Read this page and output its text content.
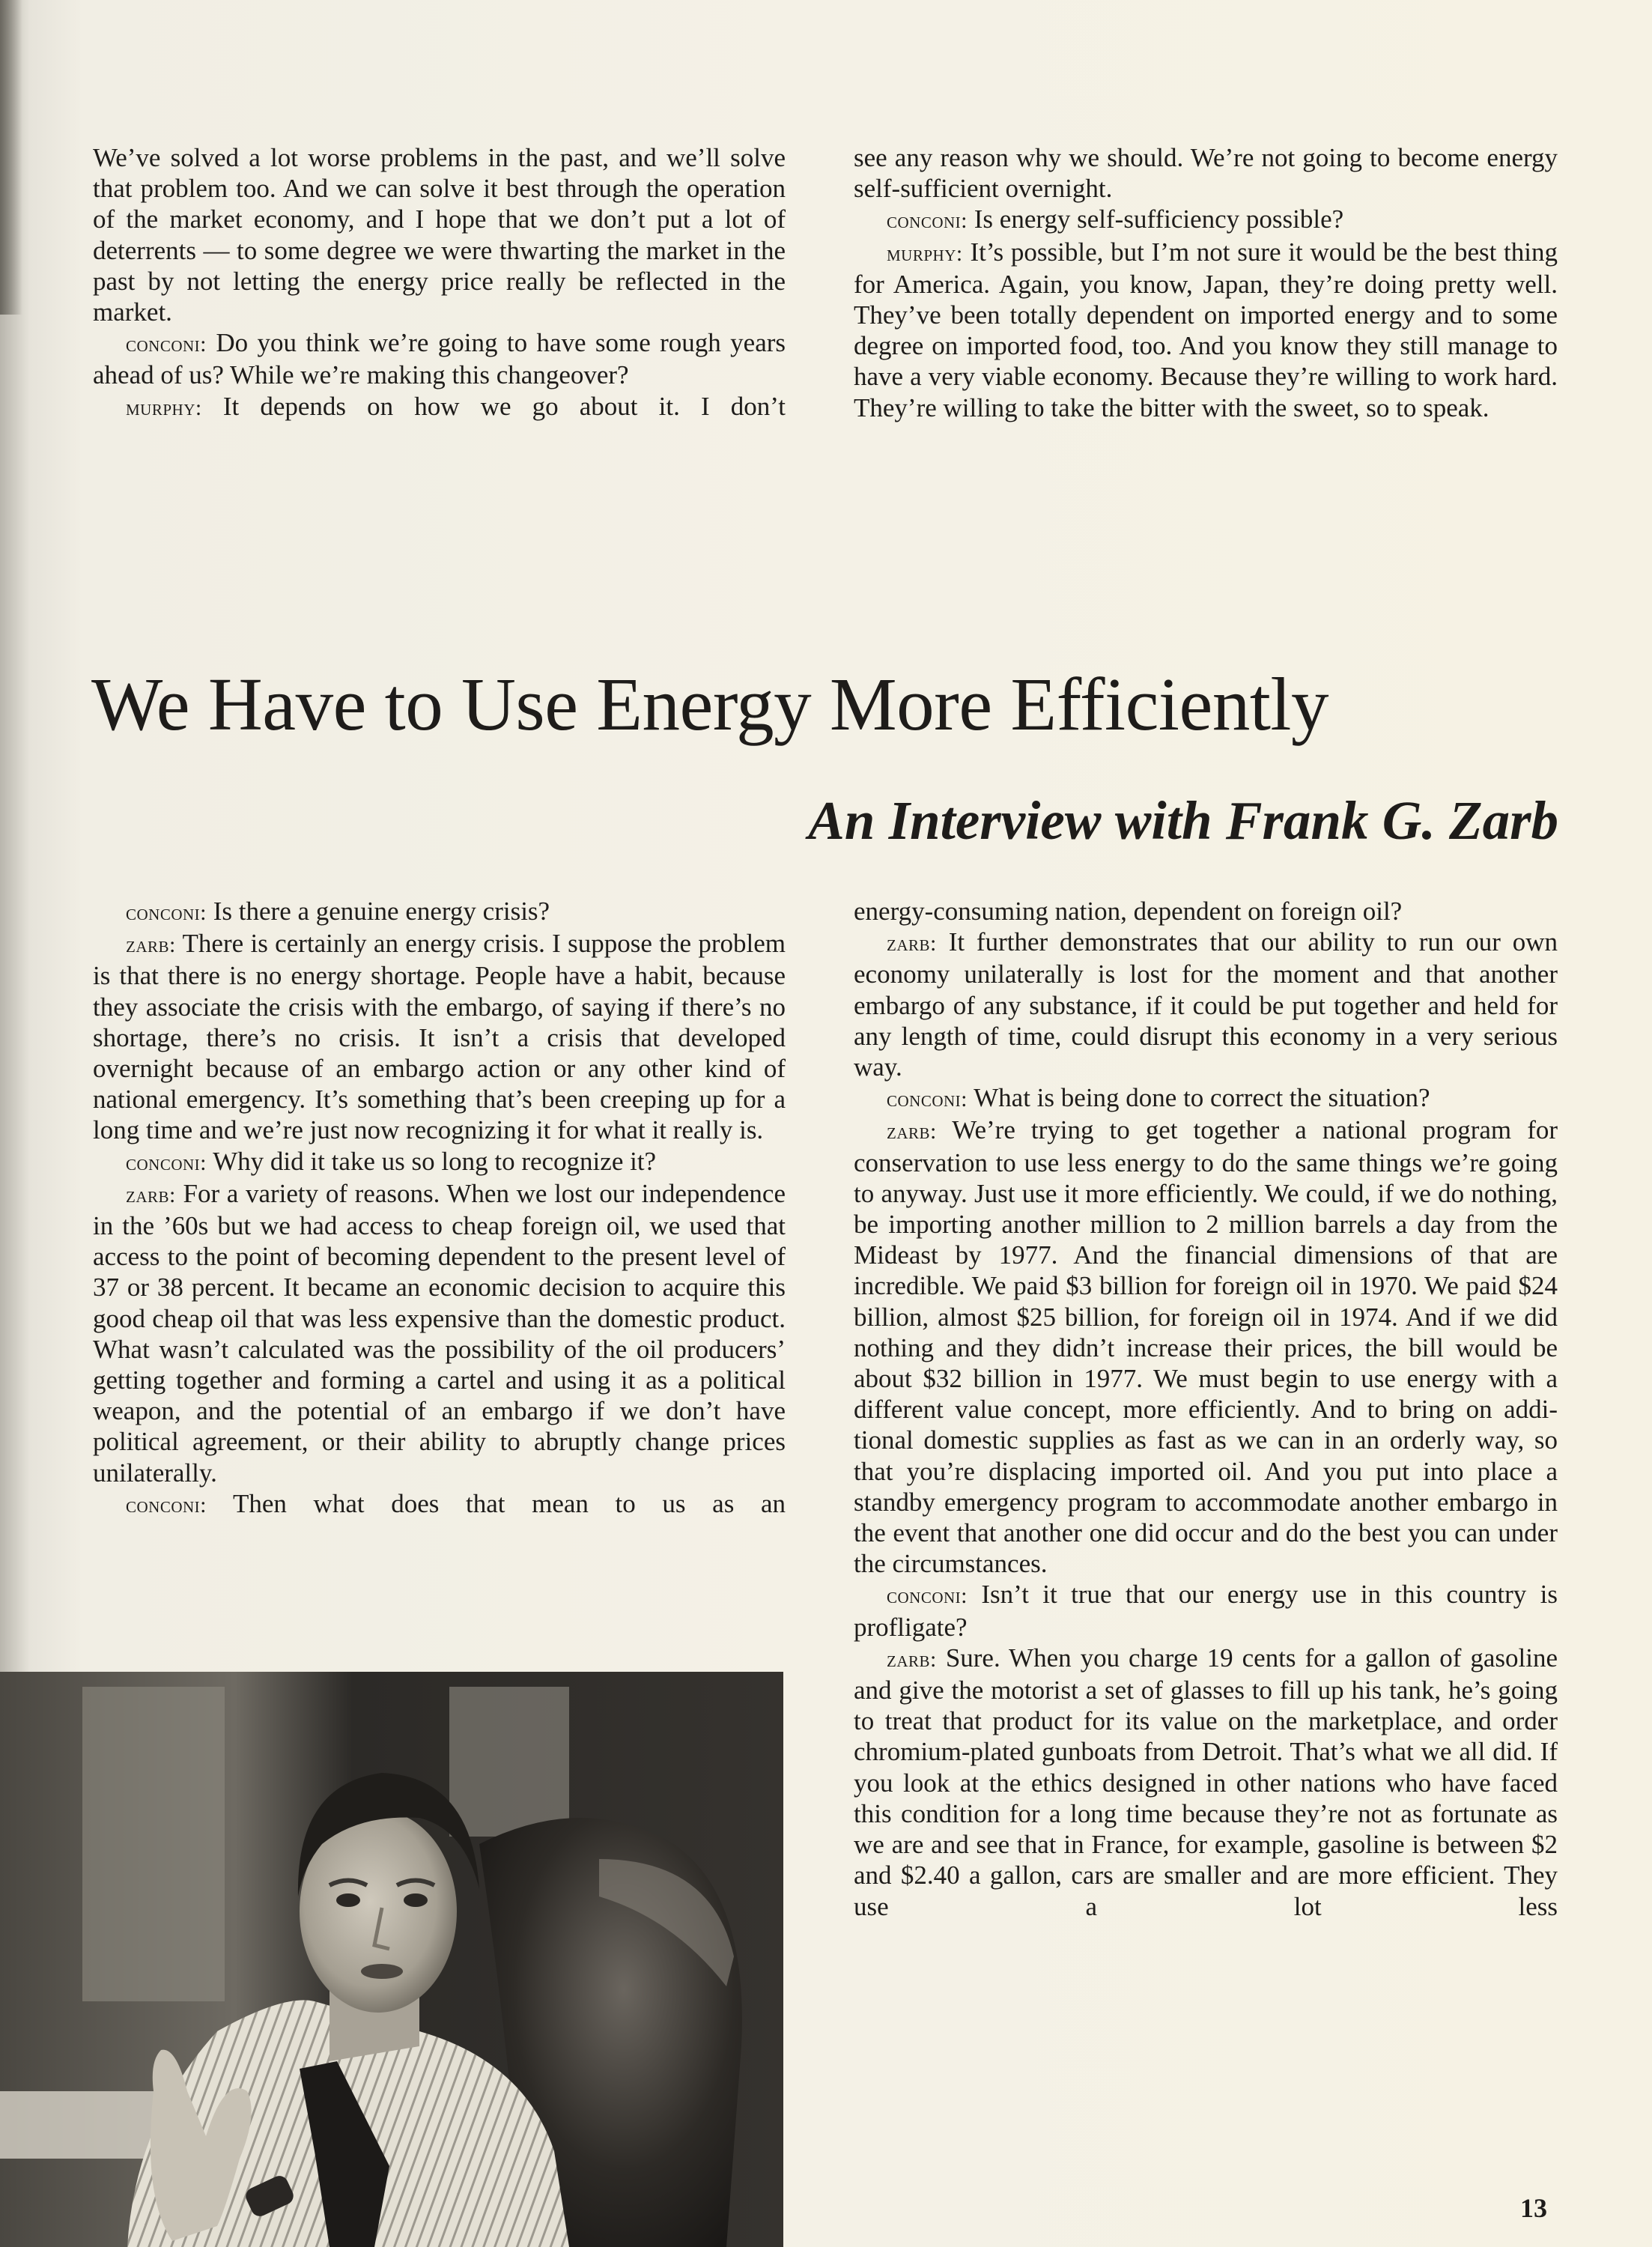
We’ve solved a lot worse problems in the past, and we’ll solve that problem too. And we can solve it best through the operation of the market economy, and I hope that we don’t put a lot of deterrents — to some degree we were thwarting the market in the past by not letting the energy price really be reflected in the market.

conconi: Do you think we’re going to have some rough years ahead of us? While we’re making this changeover?

murphy: It depends on how we go about it. I don’t

see any reason why we should. We’re not going to become energy self-sufficient overnight.

conconi: Is energy self-sufficiency possible?

murphy: It’s possible, but I’m not sure it would be the best thing for America. Again, you know, Japan, they’re doing pretty well. They’ve been totally dependent on imported energy and to some degree on imported food, too. And you know they still manage to have a very viable economy. Because they’re willing to work hard. They’re willing to take the bitter with the sweet, so to speak.

We Have to Use Energy More Efficiently
An Interview with Frank G. Zarb

conconi: Is there a genuine energy crisis?

zarb: There is certainly an energy crisis. I suppose the problem is that there is no energy shortage. People have a habit, because they associate the crisis with the embargo, of saying if there’s no shortage, there’s no crisis. It isn’t a crisis that developed overnight because of an embargo action or any other kind of national emergency. It’s something that’s been creeping up for a long time and we’re just now recognizing it for what it really is.

conconi: Why did it take us so long to recognize it?

zarb: For a variety of reasons. When we lost our independence in the ’60s but we had access to cheap foreign oil, we used that access to the point of becoming dependent to the present level of 37 or 38 percent. It became an economic decision to acquire this good cheap oil that was less expensive than the domestic product. What wasn’t calculated was the possibility of the oil producers’ getting together and forming a cartel and using it as a political weapon, and the potential of an embargo if we don’t have political agreement, or their ability to abruptly change prices unilaterally.

conconi: Then what does that mean to us as an

energy-consuming nation, dependent on foreign oil?

zarb: It further demonstrates that our ability to run our own economy unilaterally is lost for the moment and that another embargo of any substance, if it could be put together and held for any length of time, could disrupt this economy in a very serious way.

conconi: What is being done to correct the situation?

zarb: We’re trying to get together a national program for conservation to use less energy to do the same things we’re going to anyway. Just use it more efficiently. We could, if we do nothing, be importing another million to 2 million barrels a day from the Mideast by 1977. And the financial dimensions of that are incredible. We paid $3 billion for foreign oil in 1970. We paid $24 billion, almost $25 billion, for foreign oil in 1974. And if we did nothing and they didn’t increase their prices, the bill would be about $32 billion in 1977. We must begin to use energy with a different value concept, more efficiently. And to bring on additional domestic supplies as fast as we can in an orderly way, so that you’re displacing imported oil. And you put into place a standby emergency program to accommodate another embargo in the event that another one did occur and do the best you can under the circumstances.

conconi: Isn’t it true that our energy use in this country is profligate?

zarb: Sure. When you charge 19 cents for a gallon of gasoline and give the motorist a set of glasses to fill up his tank, he’s going to treat that product for its value on the marketplace, and order chromium-plated gunboats from Detroit. That’s what we all did. If you look at the ethics designed in other nations who have faced this condition for a long time because they’re not as fortunate as we are and see that in France, for example, gasoline is between $2 and $2.40 a gallon, cars are smaller and are more efficient. They use a lot less

13
